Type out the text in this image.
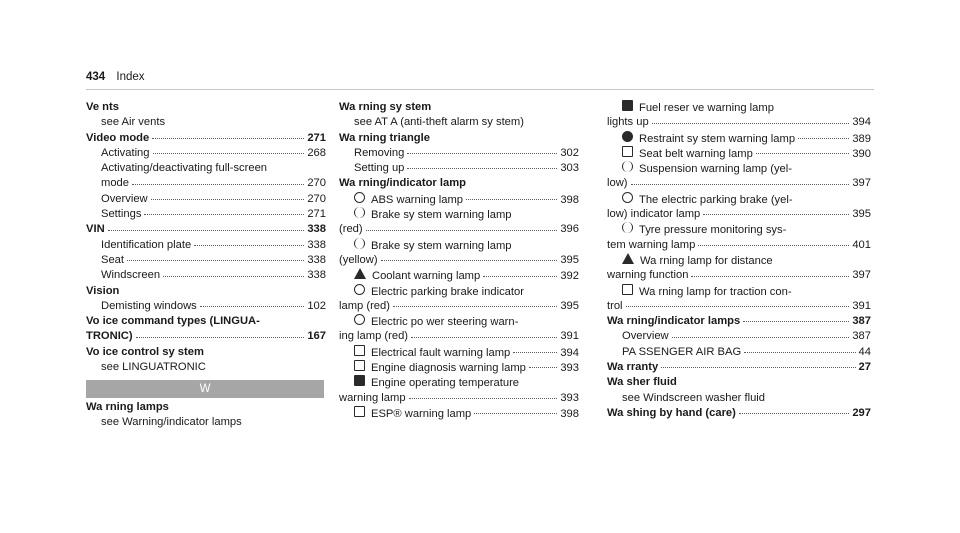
434 Index
Ve nts
see Air vents
Video mode	271
Activating	268
Activating/deactivating full-screen
mode	270
Overview	270
Settings	271
VIN	338
Identification plate	338
Seat	338
Windscreen	338
Vision
Demisting windows	102
Vo ice command types (LINGUA-
TRONIC)	167
Vo ice control sy stem
see LINGUATRONIC
W
Wa rning lamps
see Warning/indicator lamps
Wa rning sy stem
see AT A (anti-theft alarm sy stem)
Wa rning triangle
Removing	302
Setting up	303
Wa rning/indicator lamp
ABS warning lamp	398
Brake sy stem warning lamp
(red)	396
Brake sy stem warning lamp
(yellow)	395
Coolant warning lamp	392
Electric parking brake indicator
lamp (red)	395
Electric po wer steering warn-
ing lamp (red)	391
Electrical fault warning lamp	394
Engine diagnosis warning lamp	393
Engine operating temperature
warning lamp	393
ESP® warning lamp	398
Fuel reser ve warning lamp
lights up	394
Restraint sy stem warning lamp	389
Seat belt warning lamp	390
Suspension warning lamp (yel-
low)	397
The electric parking brake (yel-
low) indicator lamp	395
Tyre pressure monitoring sys-
tem warning lamp	401
Wa rning lamp for distance
warning function	397
Wa rning lamp for traction con-
trol	391
Wa rning/indicator lamps	387
Overview	387
PA SSENGER AIR BAG	44
Wa rranty	27
Wa sher fluid
see Windscreen washer fluid
Wa shing by hand (care)	297
